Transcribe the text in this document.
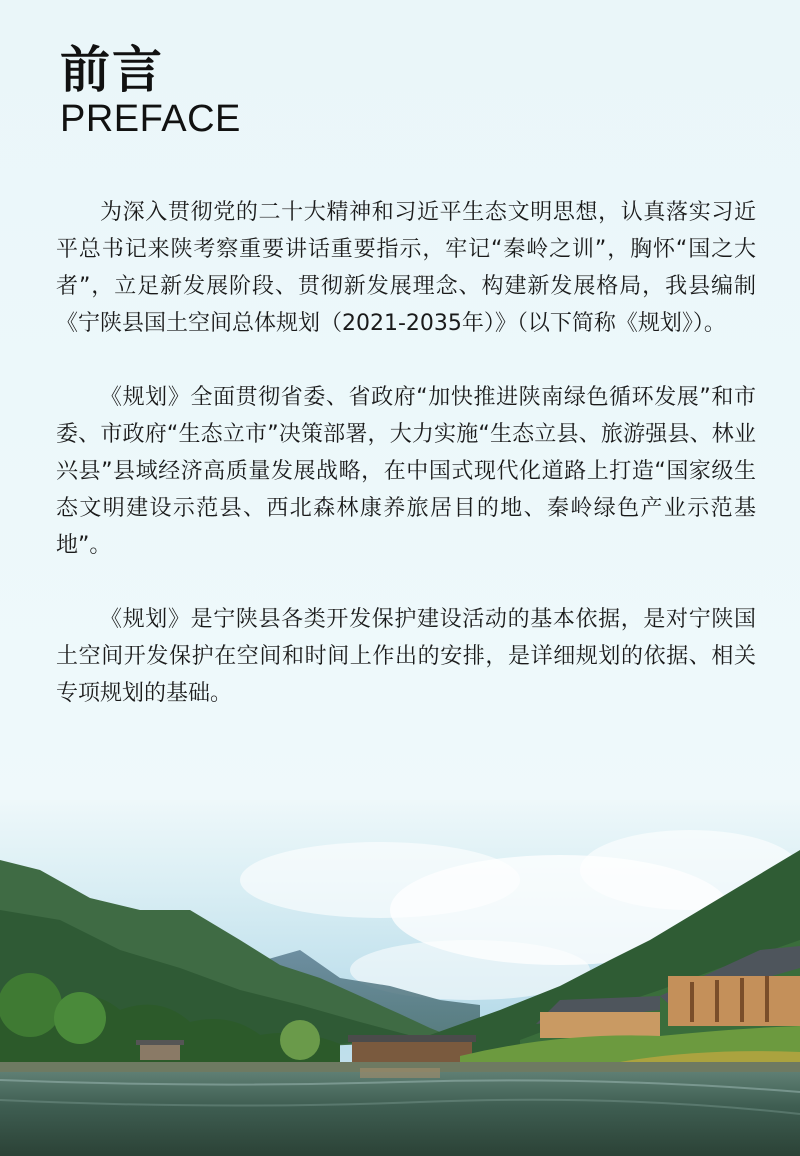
前言
PREFACE

为深入贯彻党的二十大精神和习近平生态文明思想，认真落实习近平总书记来陕考察重要讲话重要指示，牢记“秦岭之训”，胸怀“国之大者”，立足新发展阶段、贯彻新发展理念、构建新发展格局，我县编制《宁陕县国土空间总体规划（2021-2035年）》（以下简称《规划》）。

《规划》全面贯彻省委、省政府“加快推进陕南绿色循环发展”和市委、市政府“生态立市”决策部署，大力实施“生态立县、旅游强县、林业兴县”县域经济高质量发展战略，在中国式现代化道路上打造“国家级生态文明建设示范县、西北森林康养旅居目的地、秦岭绿色产业示范基地”。

《规划》是宁陕县各类开发保护建设活动的基本依据，是对宁陕国土空间开发保护在空间和时间上作出的安排，是详细规划的依据、相关专项规划的基础。
